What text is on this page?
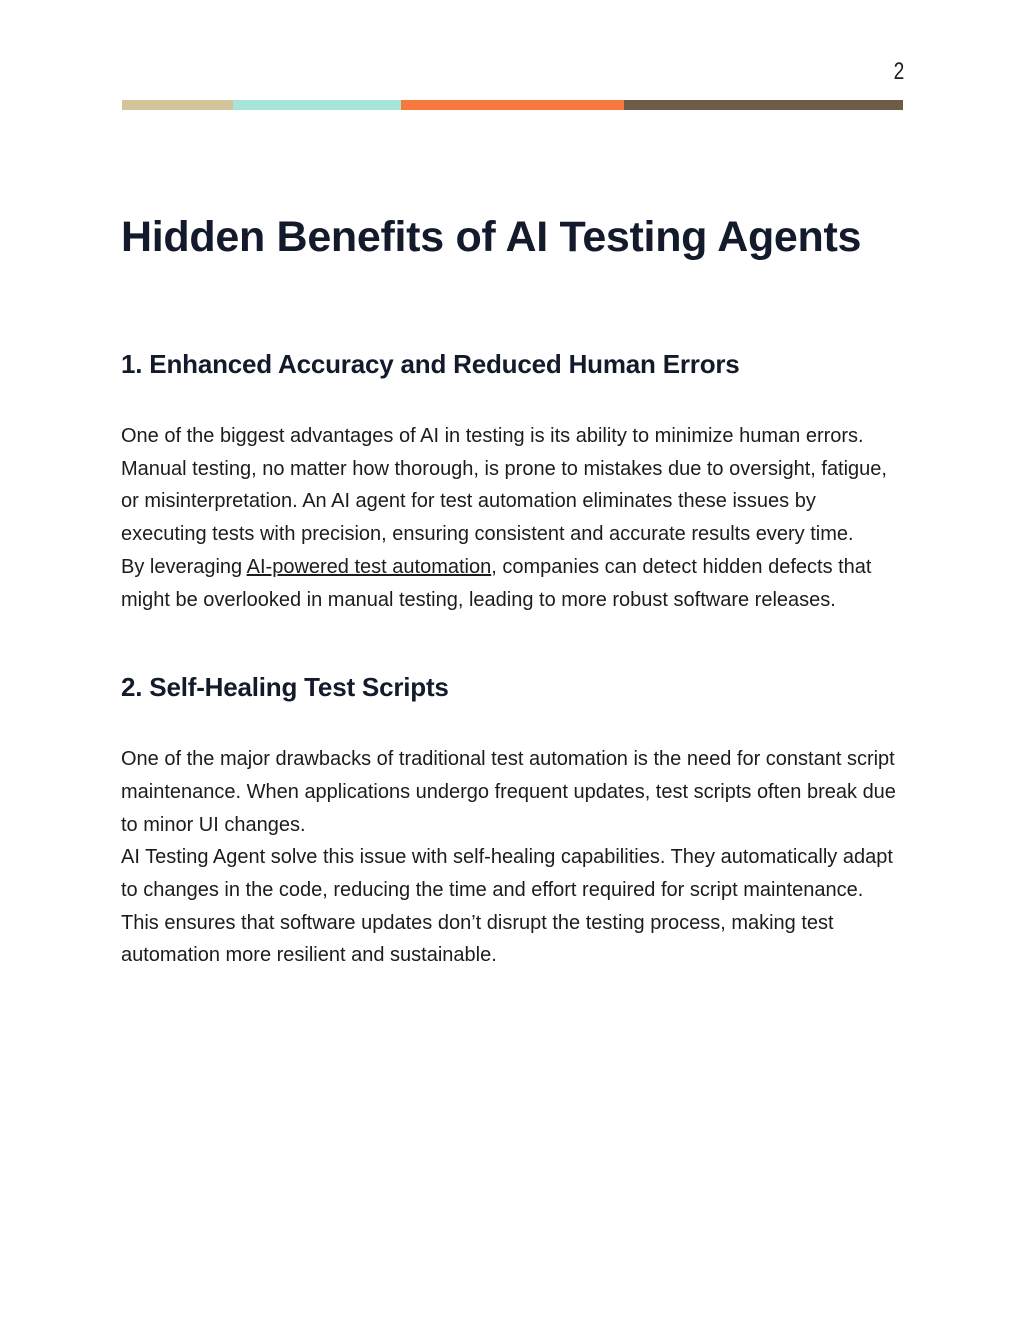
2
Hidden Benefits of AI Testing Agents
1. Enhanced Accuracy and Reduced Human Errors

One of the biggest advantages of AI in testing is its ability to minimize human errors. Manual testing, no matter how thorough, is prone to mistakes due to oversight, fatigue, or misinterpretation. An AI agent for test automation eliminates these issues by executing tests with precision, ensuring consistent and accurate results every time.

By leveraging AI-powered test automation, companies can detect hidden defects that might be overlooked in manual testing, leading to more robust software releases.

2. Self-Healing Test Scripts

One of the major drawbacks of traditional test automation is the need for constant script maintenance. When applications undergo frequent updates, test scripts often break due to minor UI changes.

AI Testing Agent solve this issue with self-healing capabilities. They automatically adapt to changes in the code, reducing the time and effort required for script maintenance. This ensures that software updates don’t disrupt the testing process, making test automation more resilient and sustainable.
